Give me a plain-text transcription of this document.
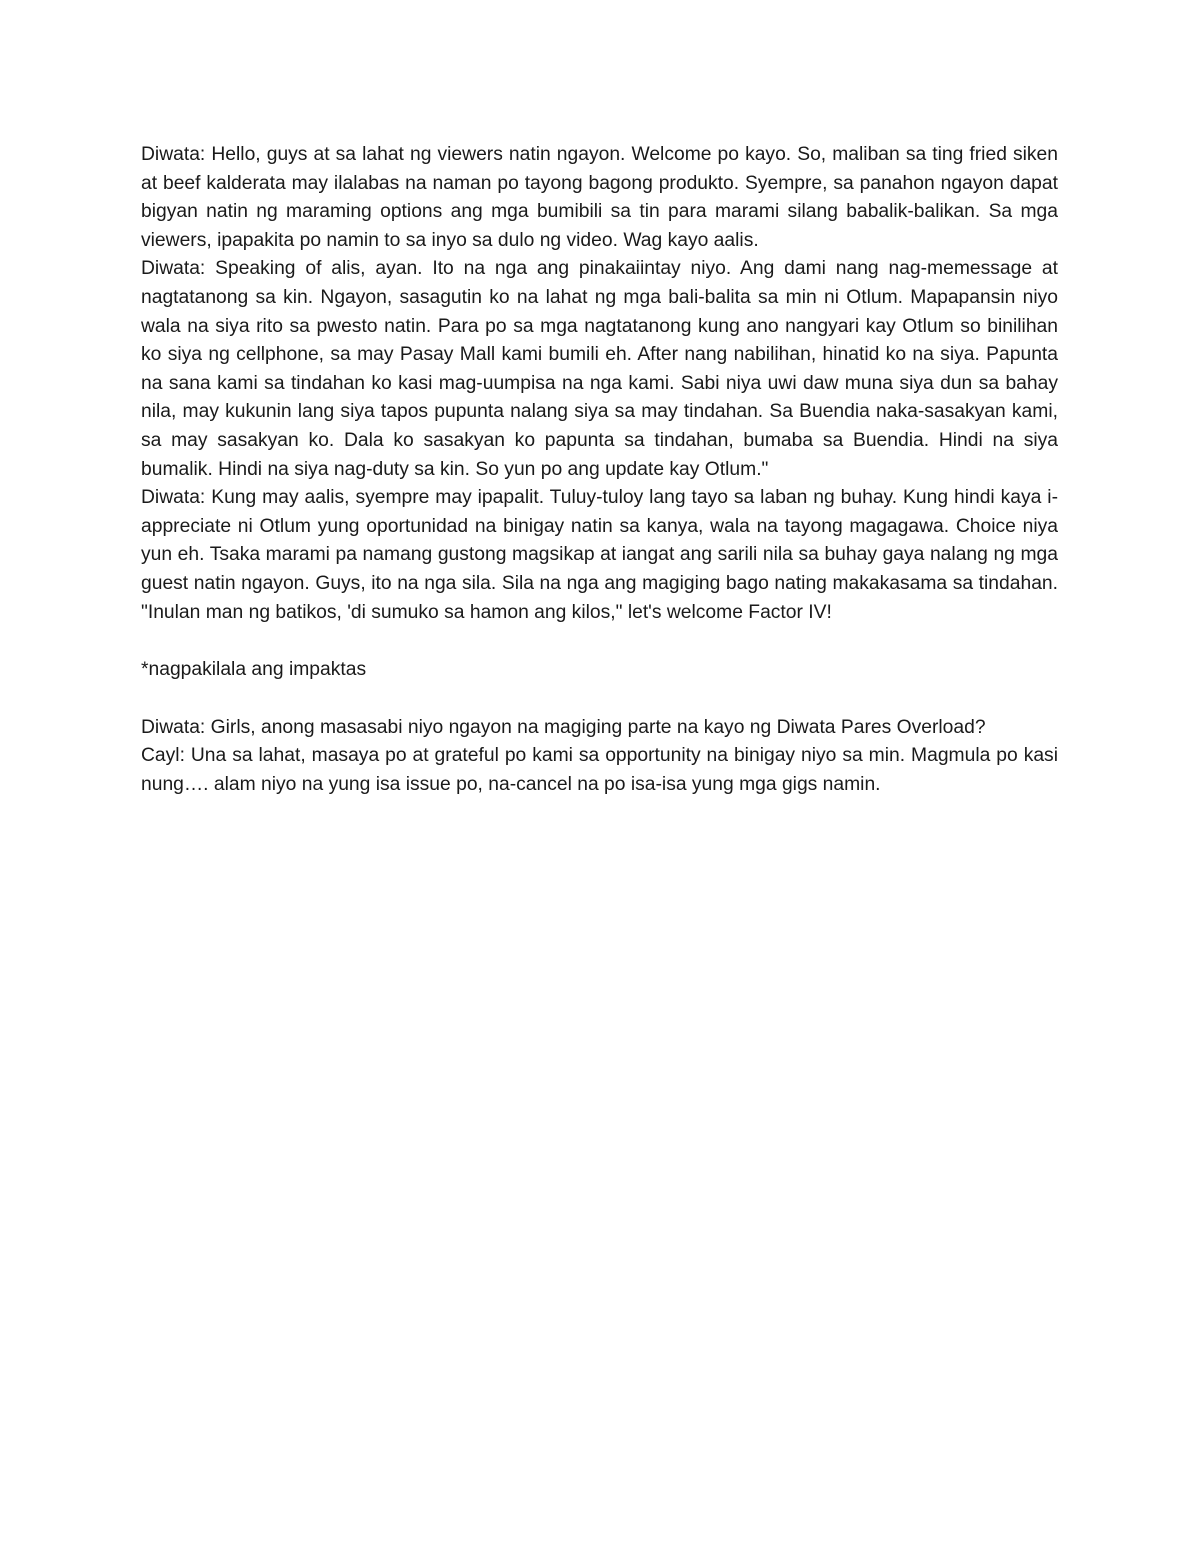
Diwata: Hello, guys at sa lahat ng viewers natin ngayon. Welcome po kayo. So, maliban sa ting fried siken at beef kalderata may ilalabas na naman po tayong bagong produkto. Syempre, sa panahon ngayon dapat bigyan natin ng maraming options ang mga bumibili sa tin para marami silang babalik-balikan. Sa mga viewers, ipapakita po namin to sa inyo sa dulo ng video. Wag kayo aalis.

Diwata: Speaking of alis, ayan. Ito na nga ang pinakaiintay niyo. Ang dami nang nag-memessage at nagtatanong sa kin. Ngayon, sasagutin ko na lahat ng mga bali-balita sa min ni Otlum. Mapapansin niyo wala na siya rito sa pwesto natin. Para po sa mga nagtatanong kung ano nangyari kay Otlum so binilihan ko siya ng cellphone, sa may Pasay Mall kami bumili eh. After nang nabilihan, hinatid ko na siya. Papunta na sana kami sa tindahan ko kasi mag-uumpisa na nga kami. Sabi niya uwi daw muna siya dun sa bahay nila, may kukunin lang siya tapos pupunta nalang siya sa may tindahan. Sa Buendia naka-sasakyan kami, sa may sasakyan ko. Dala ko sasakyan ko papunta sa tindahan, bumaba sa Buendia. Hindi na siya bumalik. Hindi na siya nag-duty sa kin. So yun po ang update kay Otlum."

Diwata: Kung may aalis, syempre may ipapalit. Tuluy-tuloy lang tayo sa laban ng buhay. Kung hindi kaya i-appreciate ni Otlum yung oportunidad na binigay natin sa kanya, wala na tayong magagawa. Choice niya yun eh. Tsaka marami pa namang gustong magsikap at iangat ang sarili nila sa buhay gaya nalang ng mga guest natin ngayon. Guys, ito na nga sila. Sila na nga ang magiging bago nating makakasama sa tindahan. "Inulan man ng batikos, 'di sumuko sa hamon ang kilos," let's welcome Factor IV!

*nagpakilala ang impaktas

Diwata: Girls, anong masasabi niyo ngayon na magiging parte na kayo ng Diwata Pares Overload?

Cayl: Una sa lahat, masaya po at grateful po kami sa opportunity na binigay niyo sa min. Magmula po kasi nung…. alam niyo na yung isa issue po, na-cancel na po isa-isa yung mga gigs namin.
